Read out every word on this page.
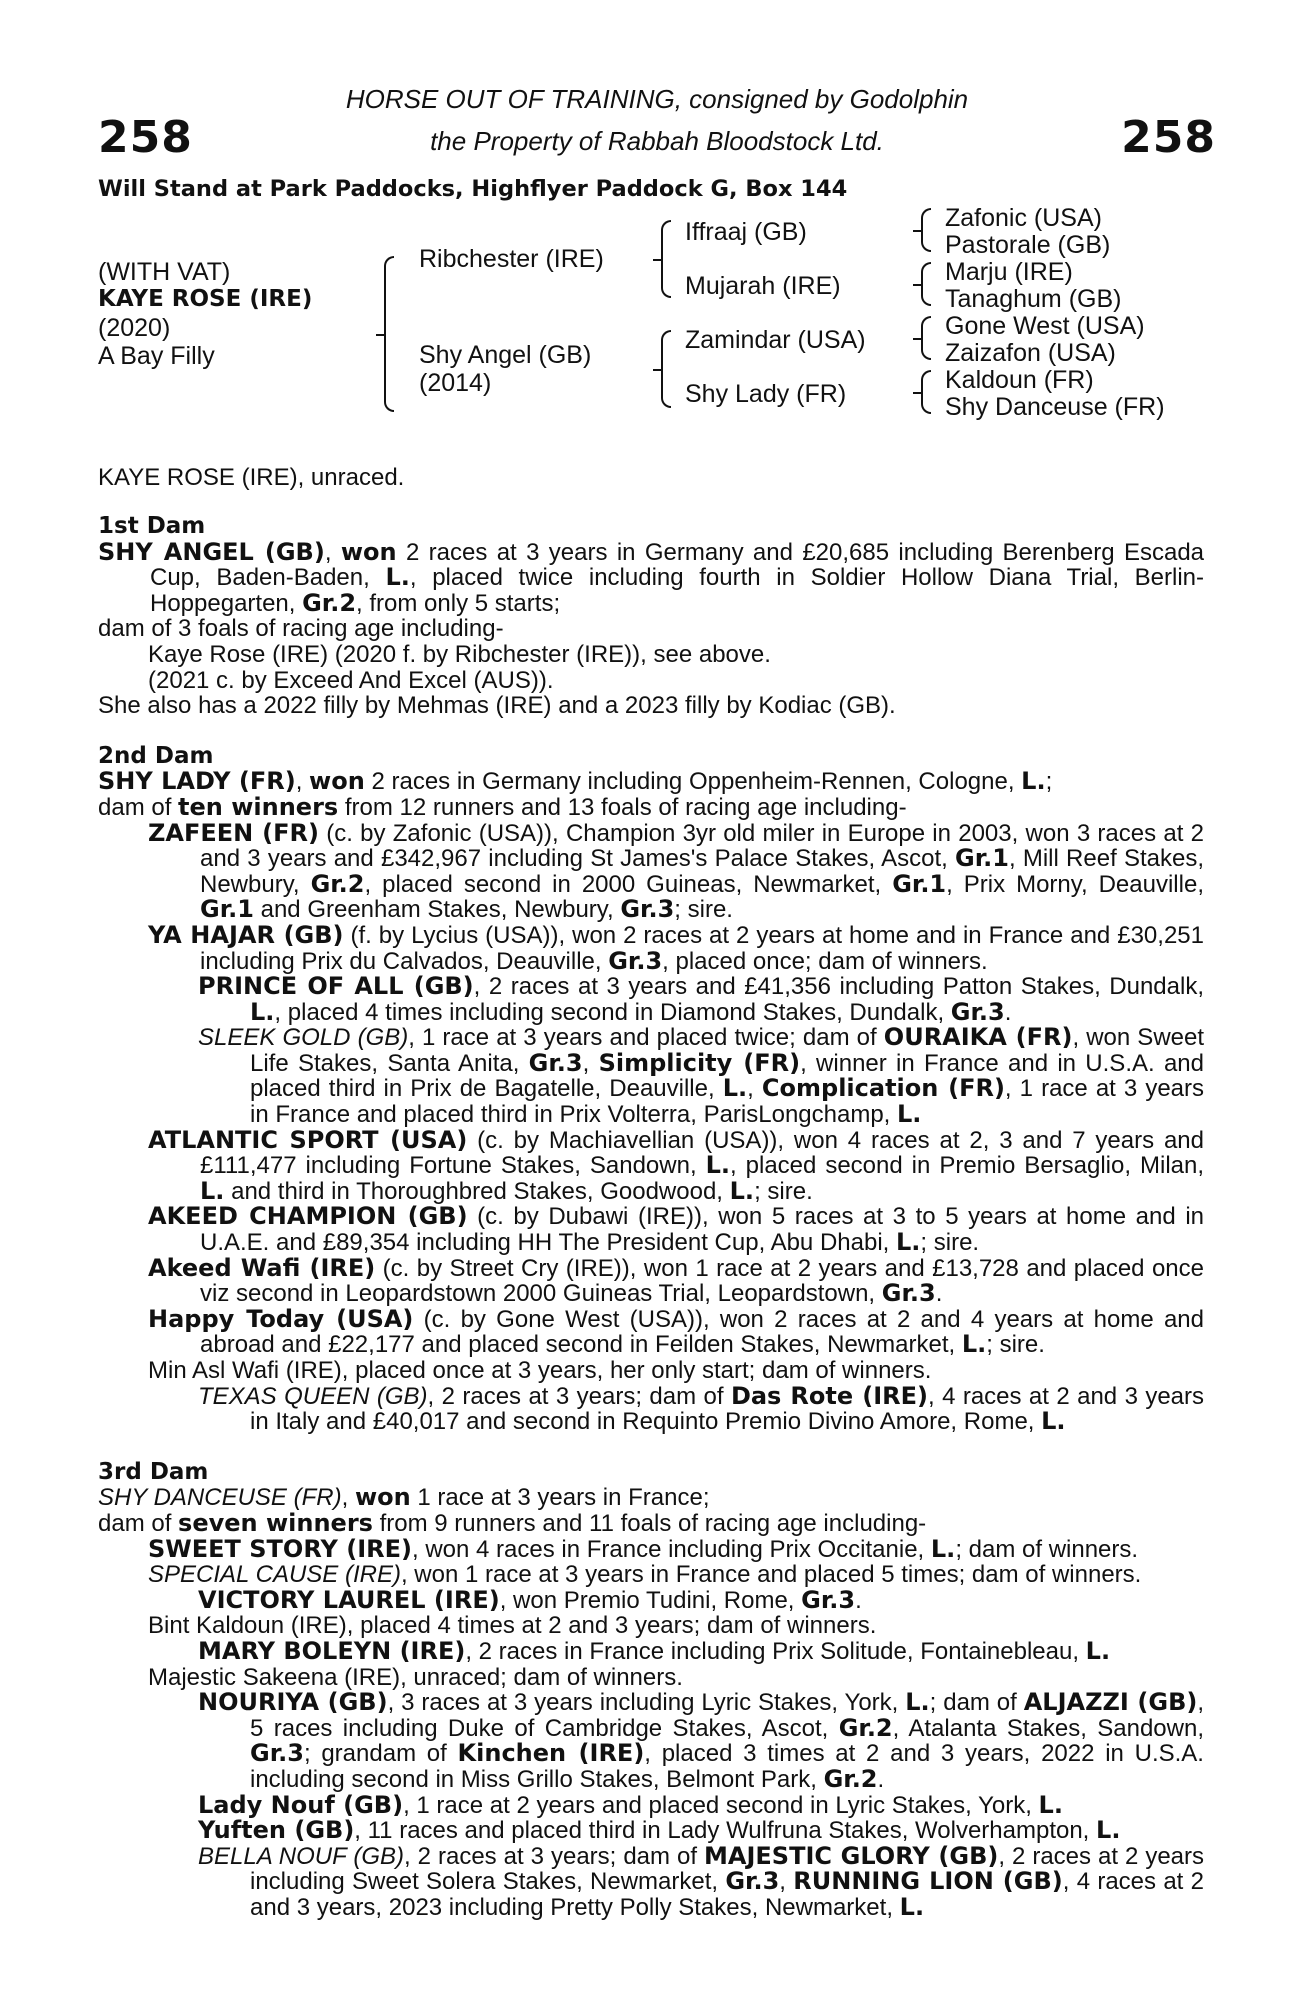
258	258
HORSE OUT OF TRAINING, consigned by Godolphin
the Property of Rabbah Bloodstock Ltd.
Will Stand at Park Paddocks, Highflyer Paddock G, Box 144
(WITH VAT)
KAYE ROSE (IRE)
(2020)
A Bay Filly
Ribchester (IRE)
Shy Angel (GB)
(2014)
Iffraaj (GB)
Mujarah (IRE)
Zamindar (USA)
Shy Lady (FR)
Zafonic (USA)
Pastorale (GB)
Marju (IRE)
Tanaghum (GB)
Gone West (USA)
Zaizafon (USA)
Kaldoun (FR)
Shy Danceuse (FR)
KAYE ROSE (IRE), unraced.

1st Dam

SHY ANGEL (GB), won 2 races at 3 years in Germany and £20,685 including Berenberg Escada Cup, Baden-Baden, L., placed twice including fourth in Soldier Hollow Diana Trial, Berlin-Hoppegarten, Gr.2, from only 5 starts;

dam of 3 foals of racing age including-

Kaye Rose (IRE) (2020 f. by Ribchester (IRE)), see above.

(2021 c. by Exceed And Excel (AUS)).

She also has a 2022 filly by Mehmas (IRE) and a 2023 filly by Kodiac (GB).

2nd Dam

SHY LADY (FR), won 2 races in Germany including Oppenheim-Rennen, Cologne, L.;

dam of ten winners from 12 runners and 13 foals of racing age including-

ZAFEEN (FR) (c. by Zafonic (USA)), Champion 3yr old miler in Europe in 2003, won 3 races at 2 and 3 years and £342,967 including St James's Palace Stakes, Ascot, Gr.1, Mill Reef Stakes, Newbury, Gr.2, placed second in 2000 Guineas, Newmarket, Gr.1, Prix Morny, Deauville, Gr.1 and Greenham Stakes, Newbury, Gr.3; sire.

YA HAJAR (GB) (f. by Lycius (USA)), won 2 races at 2 years at home and in France and £30,251 including Prix du Calvados, Deauville, Gr.3, placed once; dam of winners.

PRINCE OF ALL (GB), 2 races at 3 years and £41,356 including Patton Stakes, Dundalk, L., placed 4 times including second in Diamond Stakes, Dundalk, Gr.3.

SLEEK GOLD (GB), 1 race at 3 years and placed twice; dam of OURAIKA (FR), won Sweet Life Stakes, Santa Anita, Gr.3, Simplicity (FR), winner in France and in U.S.A. and placed third in Prix de Bagatelle, Deauville, L., Complication (FR), 1 race at 3 years in France and placed third in Prix Volterra, ParisLongchamp, L.

ATLANTIC SPORT (USA) (c. by Machiavellian (USA)), won 4 races at 2, 3 and 7 years and £111,477 including Fortune Stakes, Sandown, L., placed second in Premio Bersaglio, Milan, L. and third in Thoroughbred Stakes, Goodwood, L.; sire.

AKEED CHAMPION (GB) (c. by Dubawi (IRE)), won 5 races at 3 to 5 years at home and in U.A.E. and £89,354 including HH The President Cup, Abu Dhabi, L.; sire.

Akeed Wafi (IRE) (c. by Street Cry (IRE)), won 1 race at 2 years and £13,728 and placed once viz second in Leopardstown 2000 Guineas Trial, Leopardstown, Gr.3.

Happy Today (USA) (c. by Gone West (USA)), won 2 races at 2 and 4 years at home and abroad and £22,177 and placed second in Feilden Stakes, Newmarket, L.; sire.

Min Asl Wafi (IRE), placed once at 3 years, her only start; dam of winners.

TEXAS QUEEN (GB), 2 races at 3 years; dam of Das Rote (IRE), 4 races at 2 and 3 years in Italy and £40,017 and second in Requinto Premio Divino Amore, Rome, L.

3rd Dam

SHY DANCEUSE (FR), won 1 race at 3 years in France;

dam of seven winners from 9 runners and 11 foals of racing age including-

SWEET STORY (IRE), won 4 races in France including Prix Occitanie, L.; dam of winners.

SPECIAL CAUSE (IRE), won 1 race at 3 years in France and placed 5 times; dam of winners.

VICTORY LAUREL (IRE), won Premio Tudini, Rome, Gr.3.

Bint Kaldoun (IRE), placed 4 times at 2 and 3 years; dam of winners.

MARY BOLEYN (IRE), 2 races in France including Prix Solitude, Fontainebleau, L.

Majestic Sakeena (IRE), unraced; dam of winners.

NOURIYA (GB), 3 races at 3 years including Lyric Stakes, York, L.; dam of ALJAZZI (GB), 5 races including Duke of Cambridge Stakes, Ascot, Gr.2, Atalanta Stakes, Sandown, Gr.3; grandam of Kinchen (IRE), placed 3 times at 2 and 3 years, 2022 in U.S.A. including second in Miss Grillo Stakes, Belmont Park, Gr.2.

Lady Nouf (GB), 1 race at 2 years and placed second in Lyric Stakes, York, L.

Yuften (GB), 11 races and placed third in Lady Wulfruna Stakes, Wolverhampton, L.

BELLA NOUF (GB), 2 races at 3 years; dam of MAJESTIC GLORY (GB), 2 races at 2 years including Sweet Solera Stakes, Newmarket, Gr.3, RUNNING LION (GB), 4 races at 2 and 3 years, 2023 including Pretty Polly Stakes, Newmarket, L.
